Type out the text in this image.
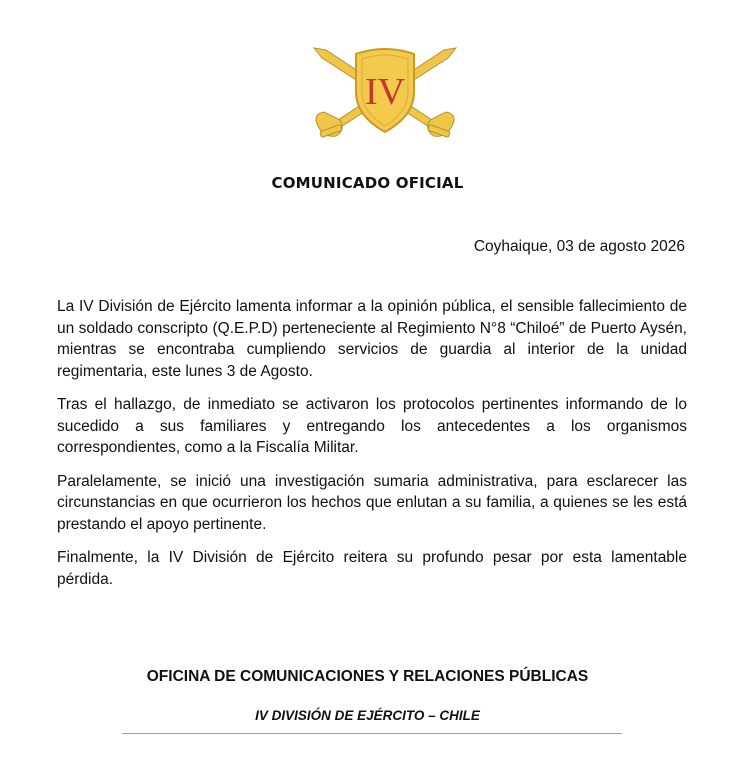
IV
COMUNICADO OFICIAL
Coyhaique, 03 de agosto 2026

La IV División de Ejército lamenta informar a la opinión pública, el sensible fallecimiento de un soldado conscripto (Q.E.P.D) perteneciente al Regimiento N°8 “Chiloé” de Puerto Aysén, mientras se encontraba cumpliendo servicios de guardia al interior de la unidad regimentaria, este lunes 3 de Agosto.

Tras el hallazgo, de inmediato se activaron los protocolos pertinentes informando de lo sucedido a sus familiares y entregando los antecedentes a los organismos correspondientes, como a la Fiscalía Militar.

Paralelamente, se inició una investigación sumaria administrativa, para esclarecer las circunstancias en que ocurrieron los hechos que enlutan a su familia, a quienes se les está prestando el apoyo pertinente.

Finalmente, la IV División de Ejército reitera su profundo pesar por esta lamentable pérdida.

OFICINA DE COMUNICACIONES Y RELACIONES PÚBLICAS
IV DIVISIÓN DE EJÉRCITO – CHILE
